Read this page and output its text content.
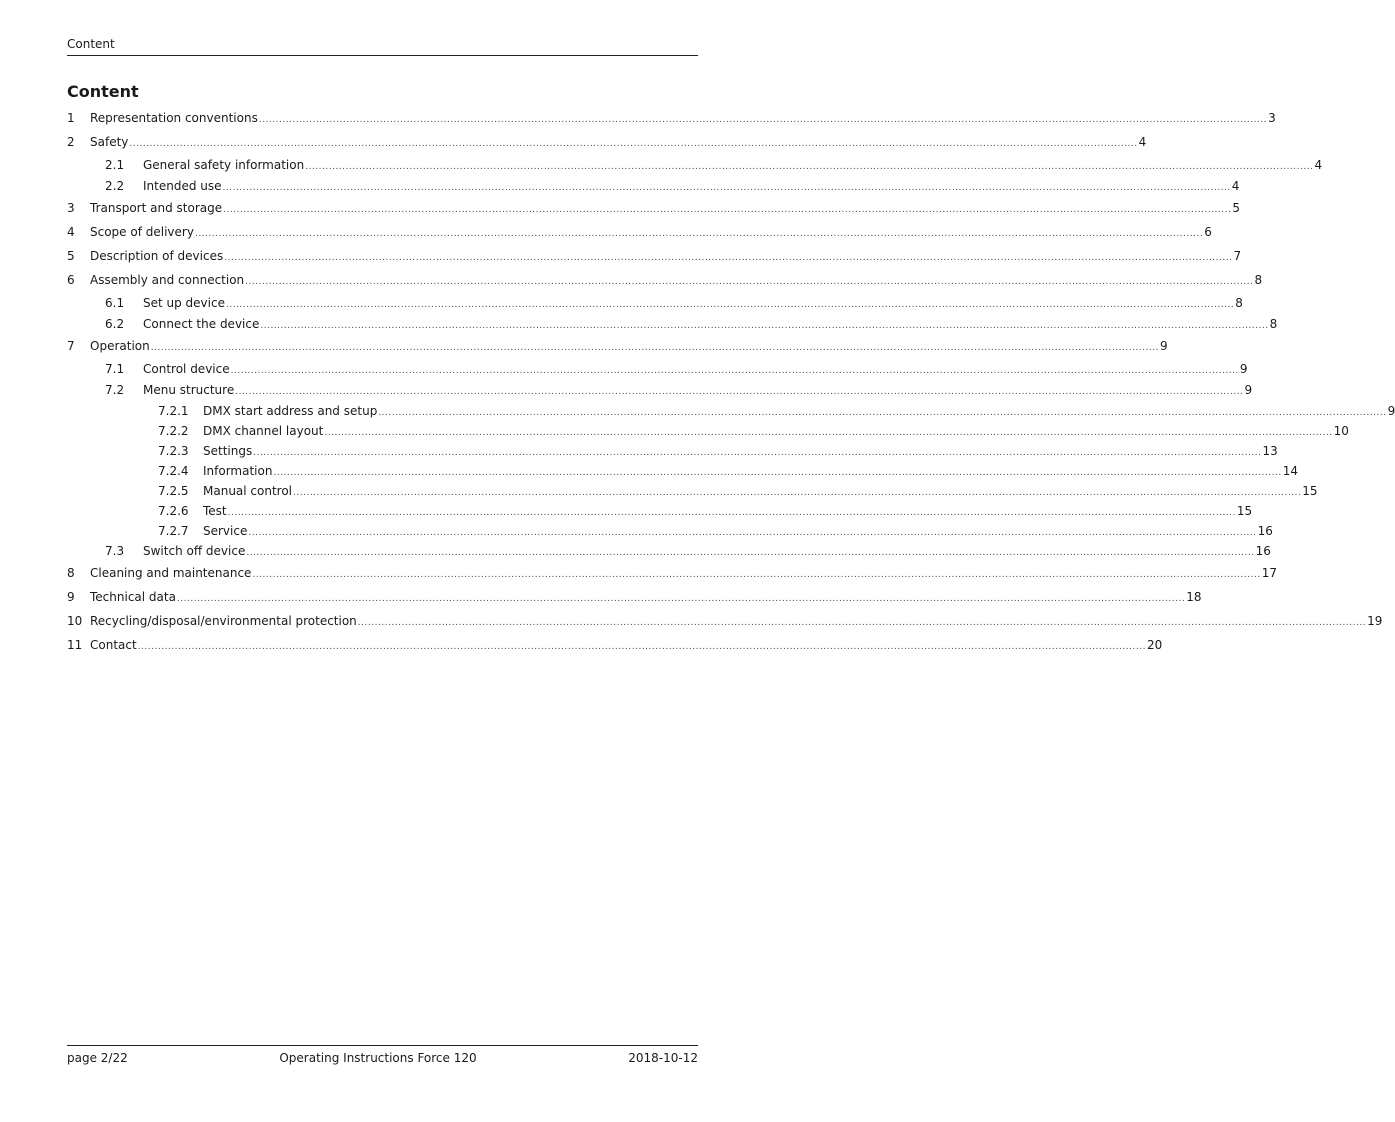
Content
Content
1	Representation conventions ............................................................................................................................................................................................................................................................................................................ 3
2	Safety ............................................................................................................................................................................................................................................................................................................ 4
2.1	General safety information ............................................................................................................................................................................................................................................................................................................ 4
2.2	Intended use ............................................................................................................................................................................................................................................................................................................ 4
3	Transport and storage ............................................................................................................................................................................................................................................................................................................ 5
4	Scope of delivery ............................................................................................................................................................................................................................................................................................................ 6
5	Description of devices ............................................................................................................................................................................................................................................................................................................ 7
6	Assembly and connection ............................................................................................................................................................................................................................................................................................................ 8
6.1	Set up device ............................................................................................................................................................................................................................................................................................................ 8
6.2	Connect the device ............................................................................................................................................................................................................................................................................................................ 8
7	Operation ............................................................................................................................................................................................................................................................................................................ 9
7.1	Control device ............................................................................................................................................................................................................................................................................................................ 9
7.2	Menu structure ............................................................................................................................................................................................................................................................................................................ 9
7.2.1	DMX start address and setup ............................................................................................................................................................................................................................................................................................................ 9
7.2.2	DMX channel layout ............................................................................................................................................................................................................................................................................................................ 10
7.2.3	Settings ............................................................................................................................................................................................................................................................................................................ 13
7.2.4	Information ............................................................................................................................................................................................................................................................................................................ 14
7.2.5	Manual control ............................................................................................................................................................................................................................................................................................................ 15
7.2.6	Test ............................................................................................................................................................................................................................................................................................................ 15
7.2.7	Service ............................................................................................................................................................................................................................................................................................................ 16
7.3	Switch off device ............................................................................................................................................................................................................................................................................................................ 16
8	Cleaning and maintenance ............................................................................................................................................................................................................................................................................................................ 17
9	Technical data ............................................................................................................................................................................................................................................................................................................ 18
10 Recycling/disposal/environmental protection ............................................................................................................................................................................................................................................................................................................ 19
11 Contact ............................................................................................................................................................................................................................................................................................................ 20
page 2/22	Operating Instructions Force 120	2018-10-12
